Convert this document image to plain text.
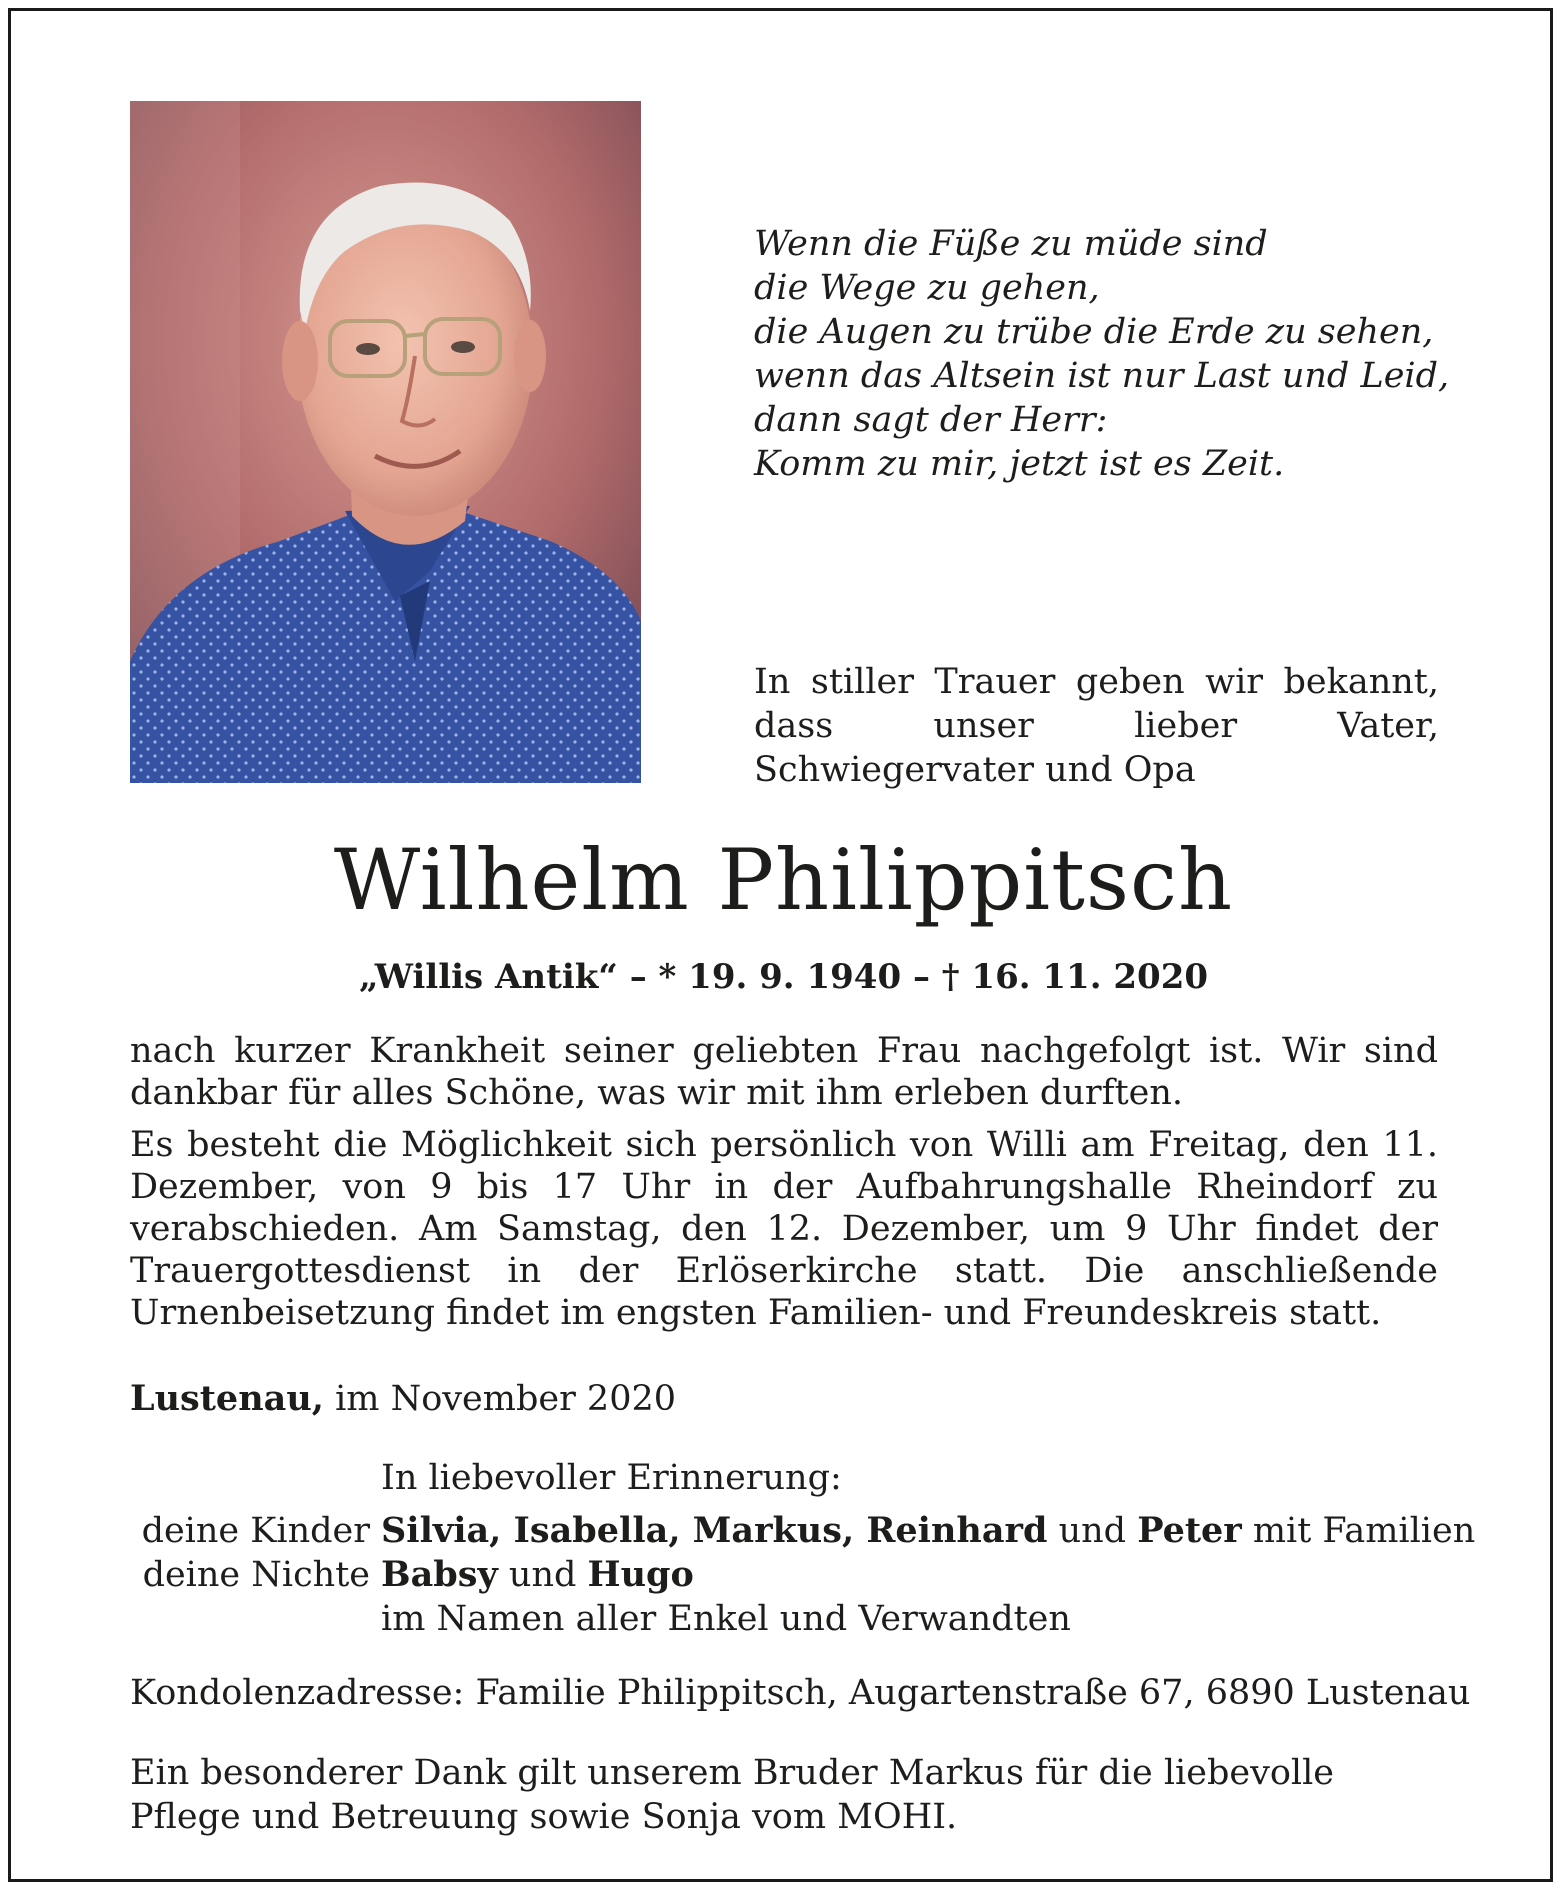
Wenn die Füße zu müde sind
die Wege zu gehen,
die Augen zu trübe die Erde zu sehen,
wenn das Altsein ist nur Last und Leid,
dann sagt der Herr:
Komm zu mir, jetzt ist es Zeit.
In stiller Trauer geben wir bekannt, dass unser lieber Vater, Schwiegervater und Opa
Wilhelm Philippitsch
„Willis Antik“ – * 19. 9. 1940 – † 16. 11. 2020

nach kurzer Krankheit seiner geliebten Frau nachgefolgt ist. Wir sind dankbar für alles Schöne, was wir mit ihm erleben durften.

Es besteht die Möglichkeit sich persönlich von Willi am Freitag, den 11. Dezember, von 9 bis 17 Uhr in der Aufbahrungshalle Rheindorf zu verabschieden. Am Samstag, den 12. Dezember, um 9 Uhr findet der Trauergottesdienst in der Erlöserkirche statt. Die anschließende Urnenbeisetzung findet im engsten Familien- und Freundeskreis statt.

Lustenau, im November 2020
In liebevoller Erinnerung:
deine Kinder Silvia, Isabella, Markus, Reinhard und Peter mit Familien
deine Nichte Babsy und Hugo
im Namen aller Enkel und Verwandten
Kondolenzadresse: Familie Philippitsch, Augartenstraße 67, 6890 Lustenau
Ein besonderer Dank gilt unserem Bruder Markus für die liebevolle Pflege und Betreuung sowie Sonja vom MOHI.
